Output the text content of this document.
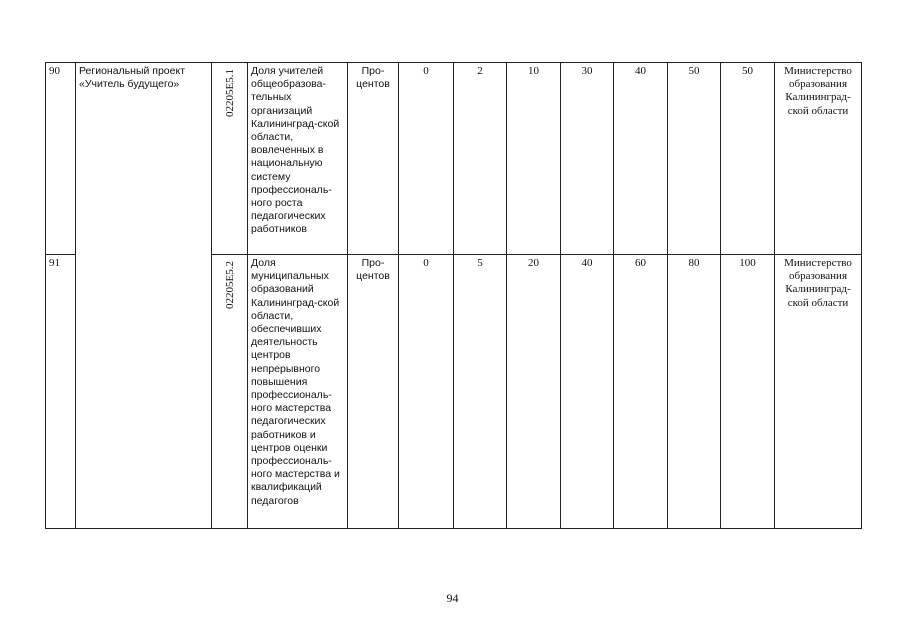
90	Региональный проект «Учитель будущего»	02205Е5.1	Доля учителей общеобразова-тельных организаций Калининград-ской области, вовлеченных в национальную систему профессиональ-ного роста педагогических работников	Про-центов	0	2	10	30	40	50	50	Министерство образования Калининград-ской области
91		02205Е5.2	Доля муниципальных образований Калининград-ской области, обеспечивших деятельность центров непрерывного повышения профессиональ-ного мастерства педагогических работников и центров оценки профессиональ-ного мастерства и квалификаций педагогов	Про-центов	0	5	20	40	60	80	100	Министерство образования Калининград-ской области
94
